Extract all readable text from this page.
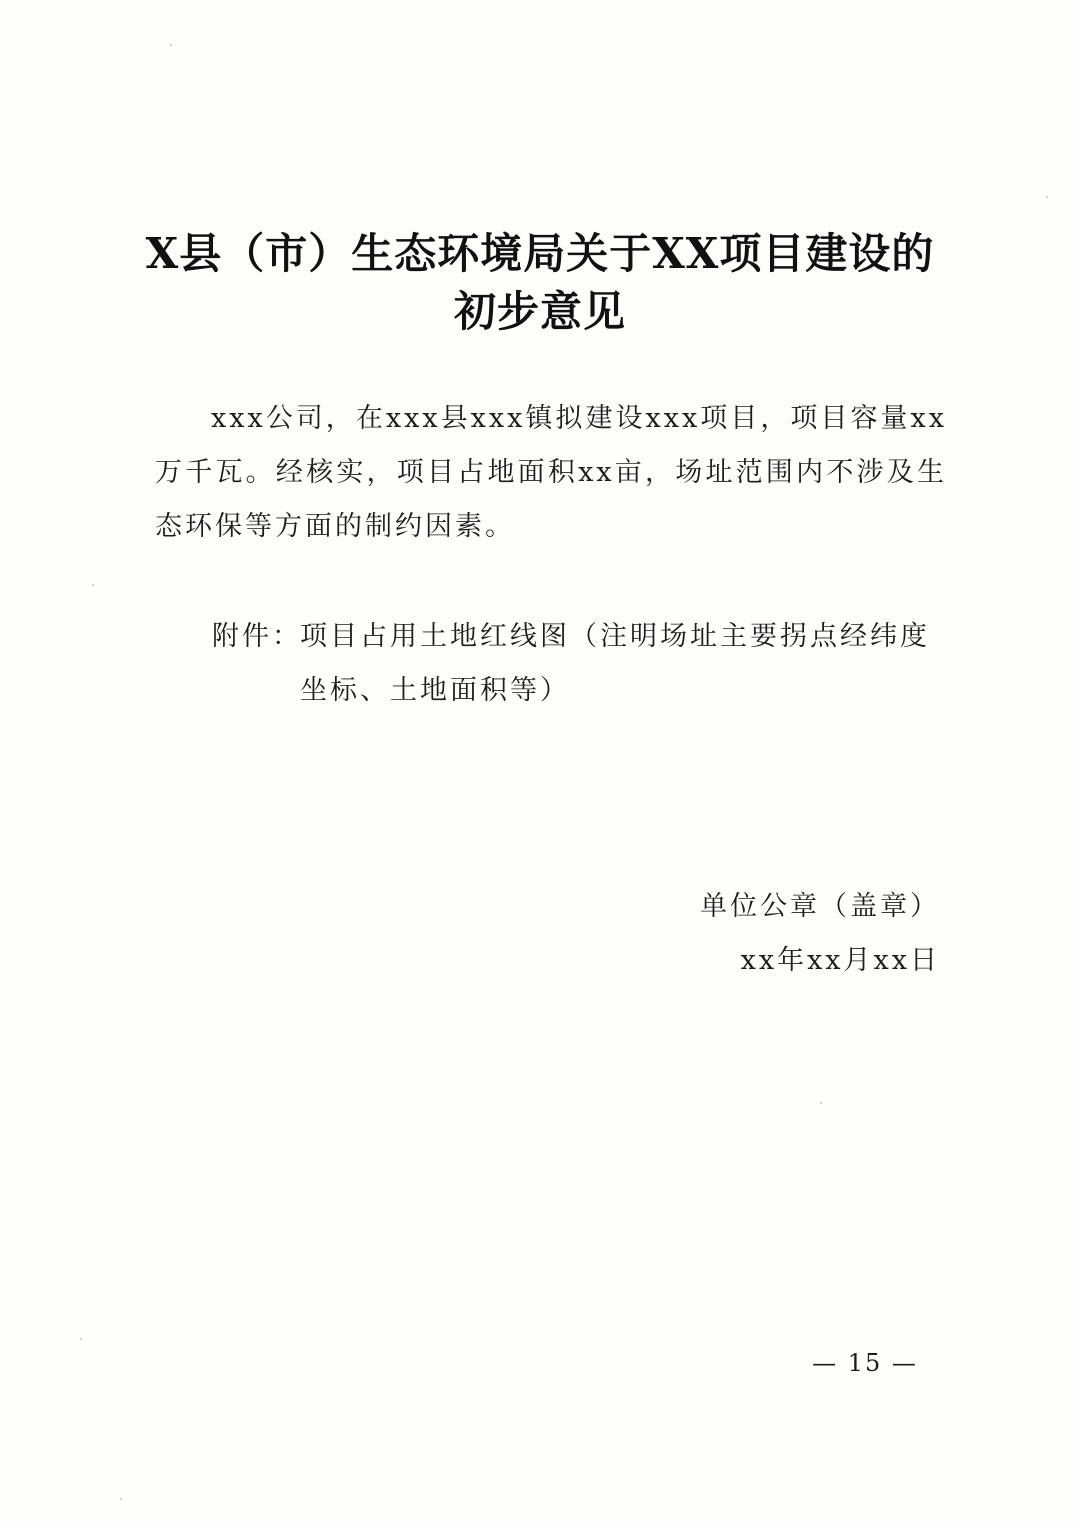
X县（市）生态环境局关于XX项目建设的
初步意见
xxx公司，在xxx县xxx镇拟建设xxx项目，项目容量xx万千瓦。经核实，项目占地面积xx亩，场址范围内不涉及生态环保等方面的制约因素。
附件：
项目占用土地红线图（注明场址主要拐点经纬度坐标、土地面积等）
单位公章（盖章）
xx年xx月xx日
— 15 —
